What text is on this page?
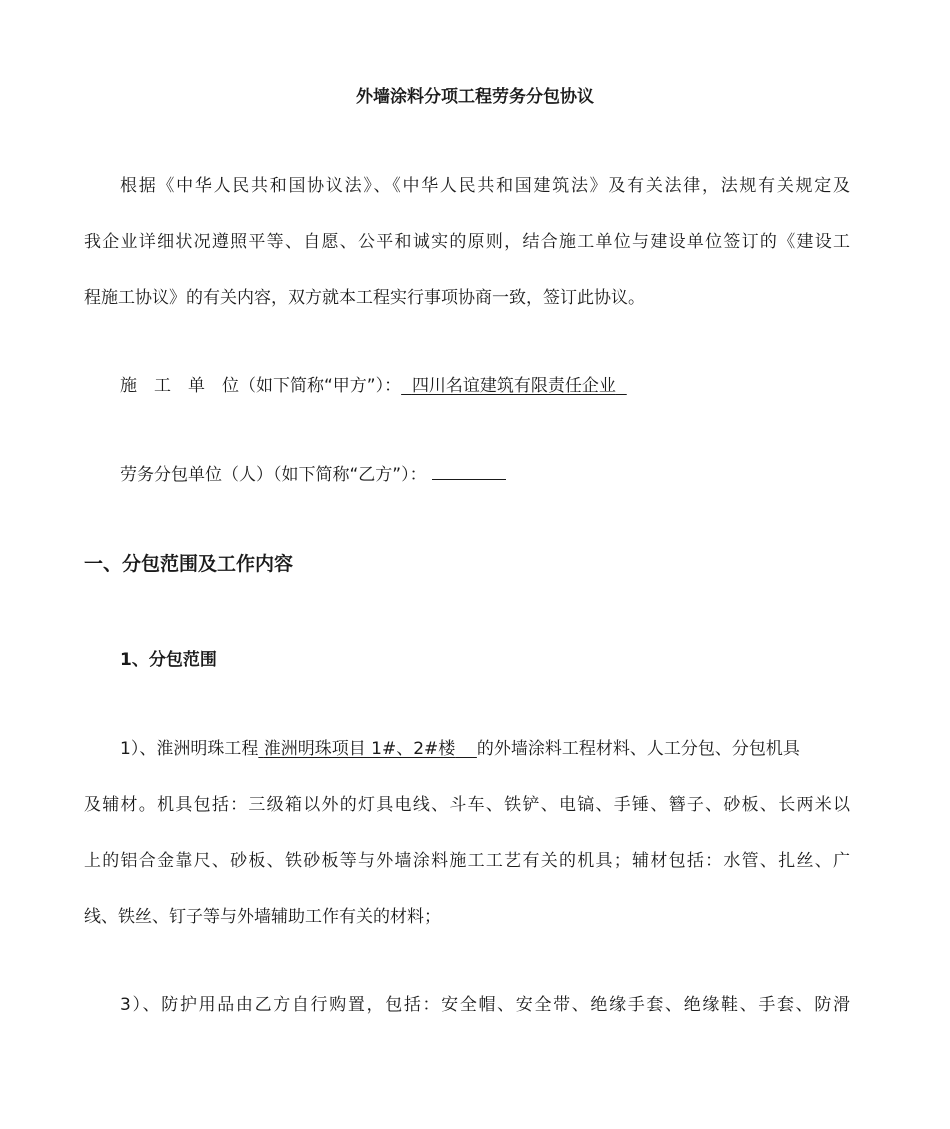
外墙涂料分项工程劳务分包协议
根据《中华人民共和国协议法》、《中华人民共和国建筑法》及有关法律，法规有关规定及
我企业详细状况遵照平等、自愿、公平和诚实的原则，结合施工单位与建设单位签订的《建设工
程施工协议》的有关内容，双方就本工程实行事项协商一致，签订此协议。
施 工 单 位（如下简称“甲方”）： 四川名谊建筑有限责任企业
劳务分包单位（人）（如下简称“乙方”）：
一、分包范围及工作内容
1、分包范围
1）、淮洲明珠工程 淮洲明珠项目 1#、2#楼 的外墙涂料工程材料、人工分包、分包机具
及辅材。机具包括：三级箱以外的灯具电线、斗车、铁铲、电镐、手锤、簪子、砂板、长两米以
上的铝合金靠尺、砂板、铁砂板等与外墙涂料施工工艺有关的机具；辅材包括：水管、扎丝、广
线、铁丝、钉子等与外墙辅助工作有关的材料；
3）、防护用品由乙方自行购置，包括：安全帽、安全带、绝缘手套、绝缘鞋、手套、防滑
